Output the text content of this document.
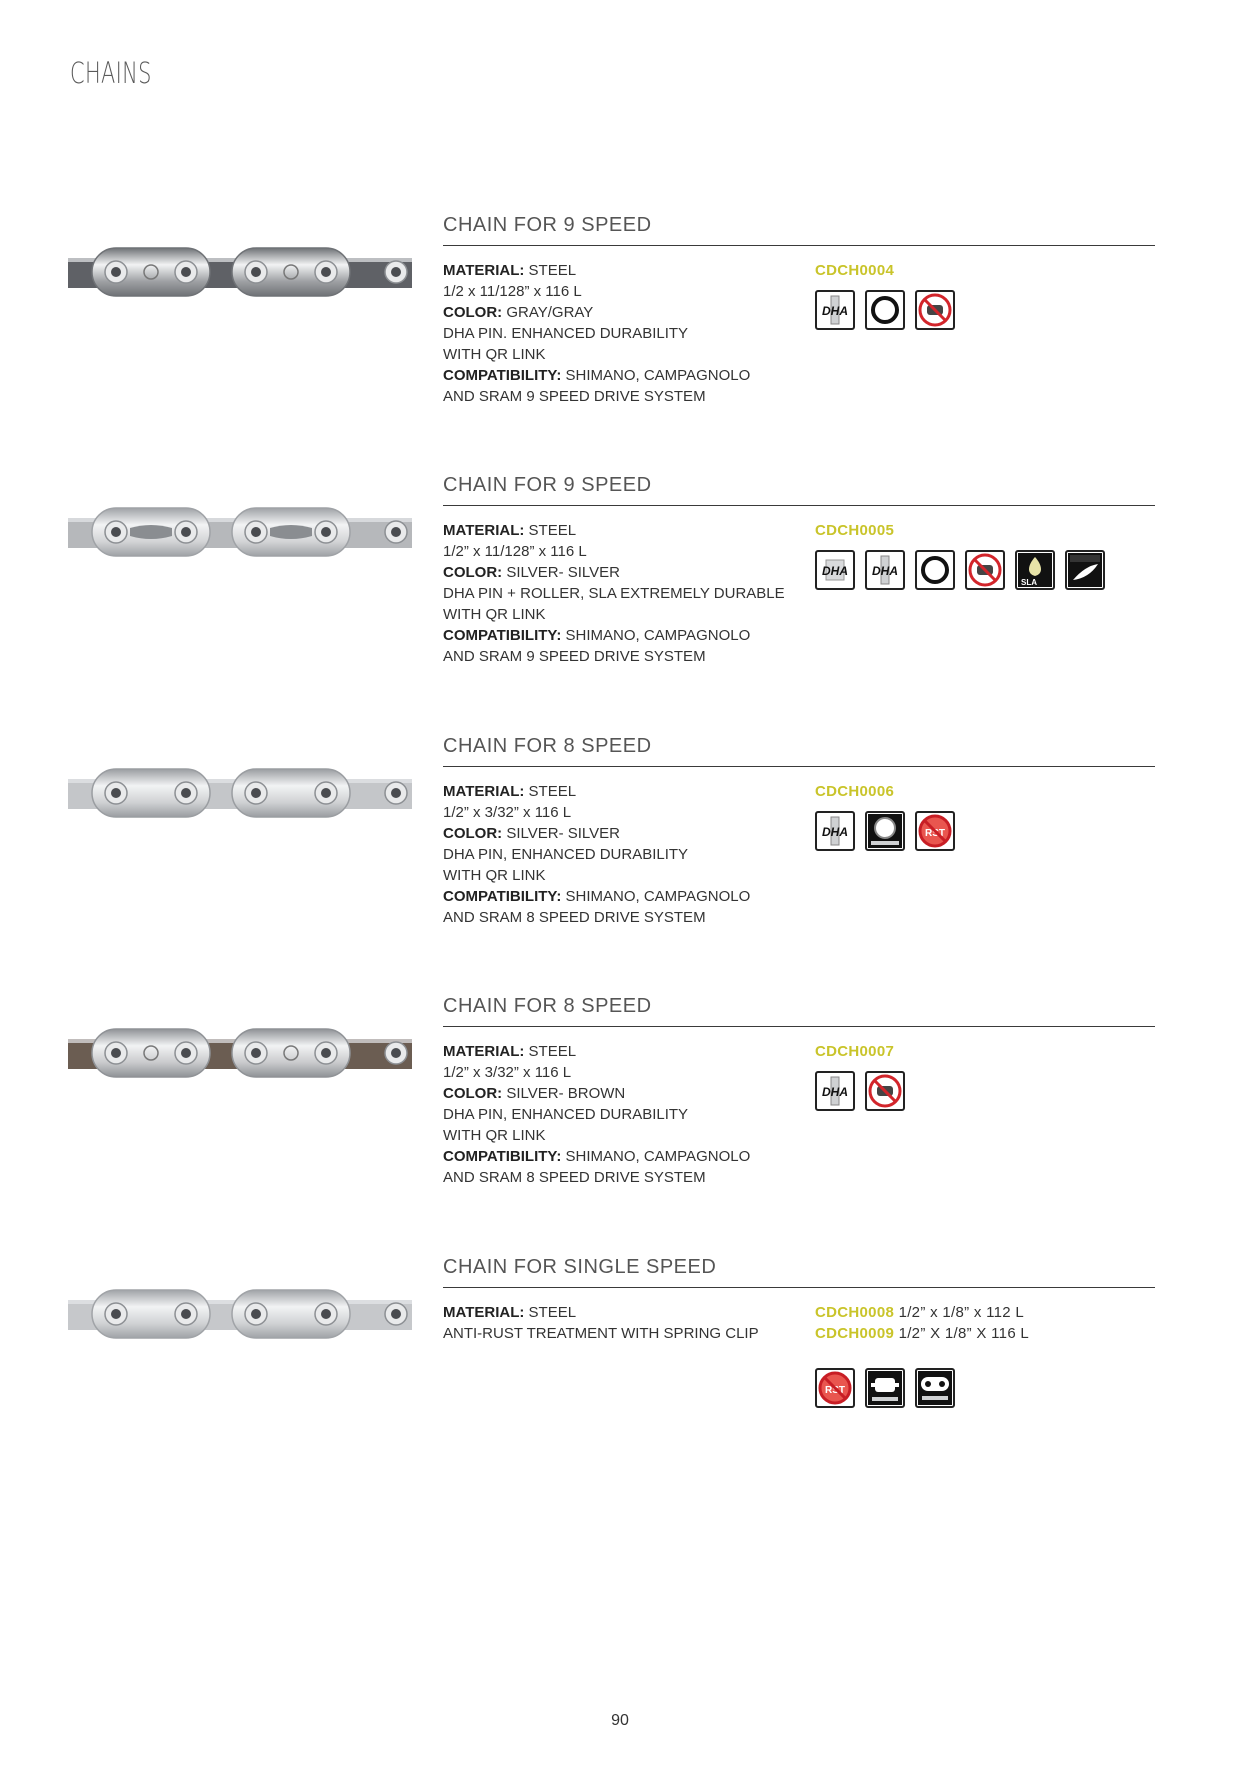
CHAINS
CHAIN FOR 9 SPEED
MATERIAL: STEEL
1/2 x 11/128” x 116 L
COLOR: GRAY/GRAY
DHA PIN. ENHANCED DURABILITY
WITH QR LINK
COMPATIBILITY: SHIMANO, CAMPAGNOLO
AND SRAM 9 SPEED DRIVE SYSTEM
CDCH0004
DHA
CHAIN FOR 9 SPEED
MATERIAL: STEEL
1/2” x 11/128” x 116 L
COLOR: SILVER- SILVER
DHA PIN + ROLLER, SLA EXTREMELY DURABLE
WITH QR LINK
COMPATIBILITY: SHIMANO, CAMPAGNOLO
AND SRAM 9 SPEED DRIVE SYSTEM
CDCH0005
DHA DHA
SLA
CHAIN FOR 8 SPEED
MATERIAL: STEEL
1/2” x 3/32” x 116 L
COLOR: SILVER- SILVER
DHA PIN, ENHANCED DURABILITY
WITH QR LINK
COMPATIBILITY: SHIMANO, CAMPAGNOLO
AND SRAM 8 SPEED DRIVE SYSTEM
CDCH0006
DHA	RST
CHAIN FOR 8 SPEED
MATERIAL: STEEL
1/2” x 3/32” x 116 L
COLOR: SILVER- BROWN
DHA PIN, ENHANCED DURABILITY
WITH QR LINK
COMPATIBILITY: SHIMANO, CAMPAGNOLO
AND SRAM 8 SPEED DRIVE SYSTEM
CDCH0007
DHA
CHAIN FOR SINGLE SPEED
MATERIAL: STEEL
ANTI-RUST TREATMENT WITH SPRING CLIP
CDCH0008 1/2” x 1/8” x 112 L
CDCH0009 1/2” X 1/8” X 116 L
RST
90
